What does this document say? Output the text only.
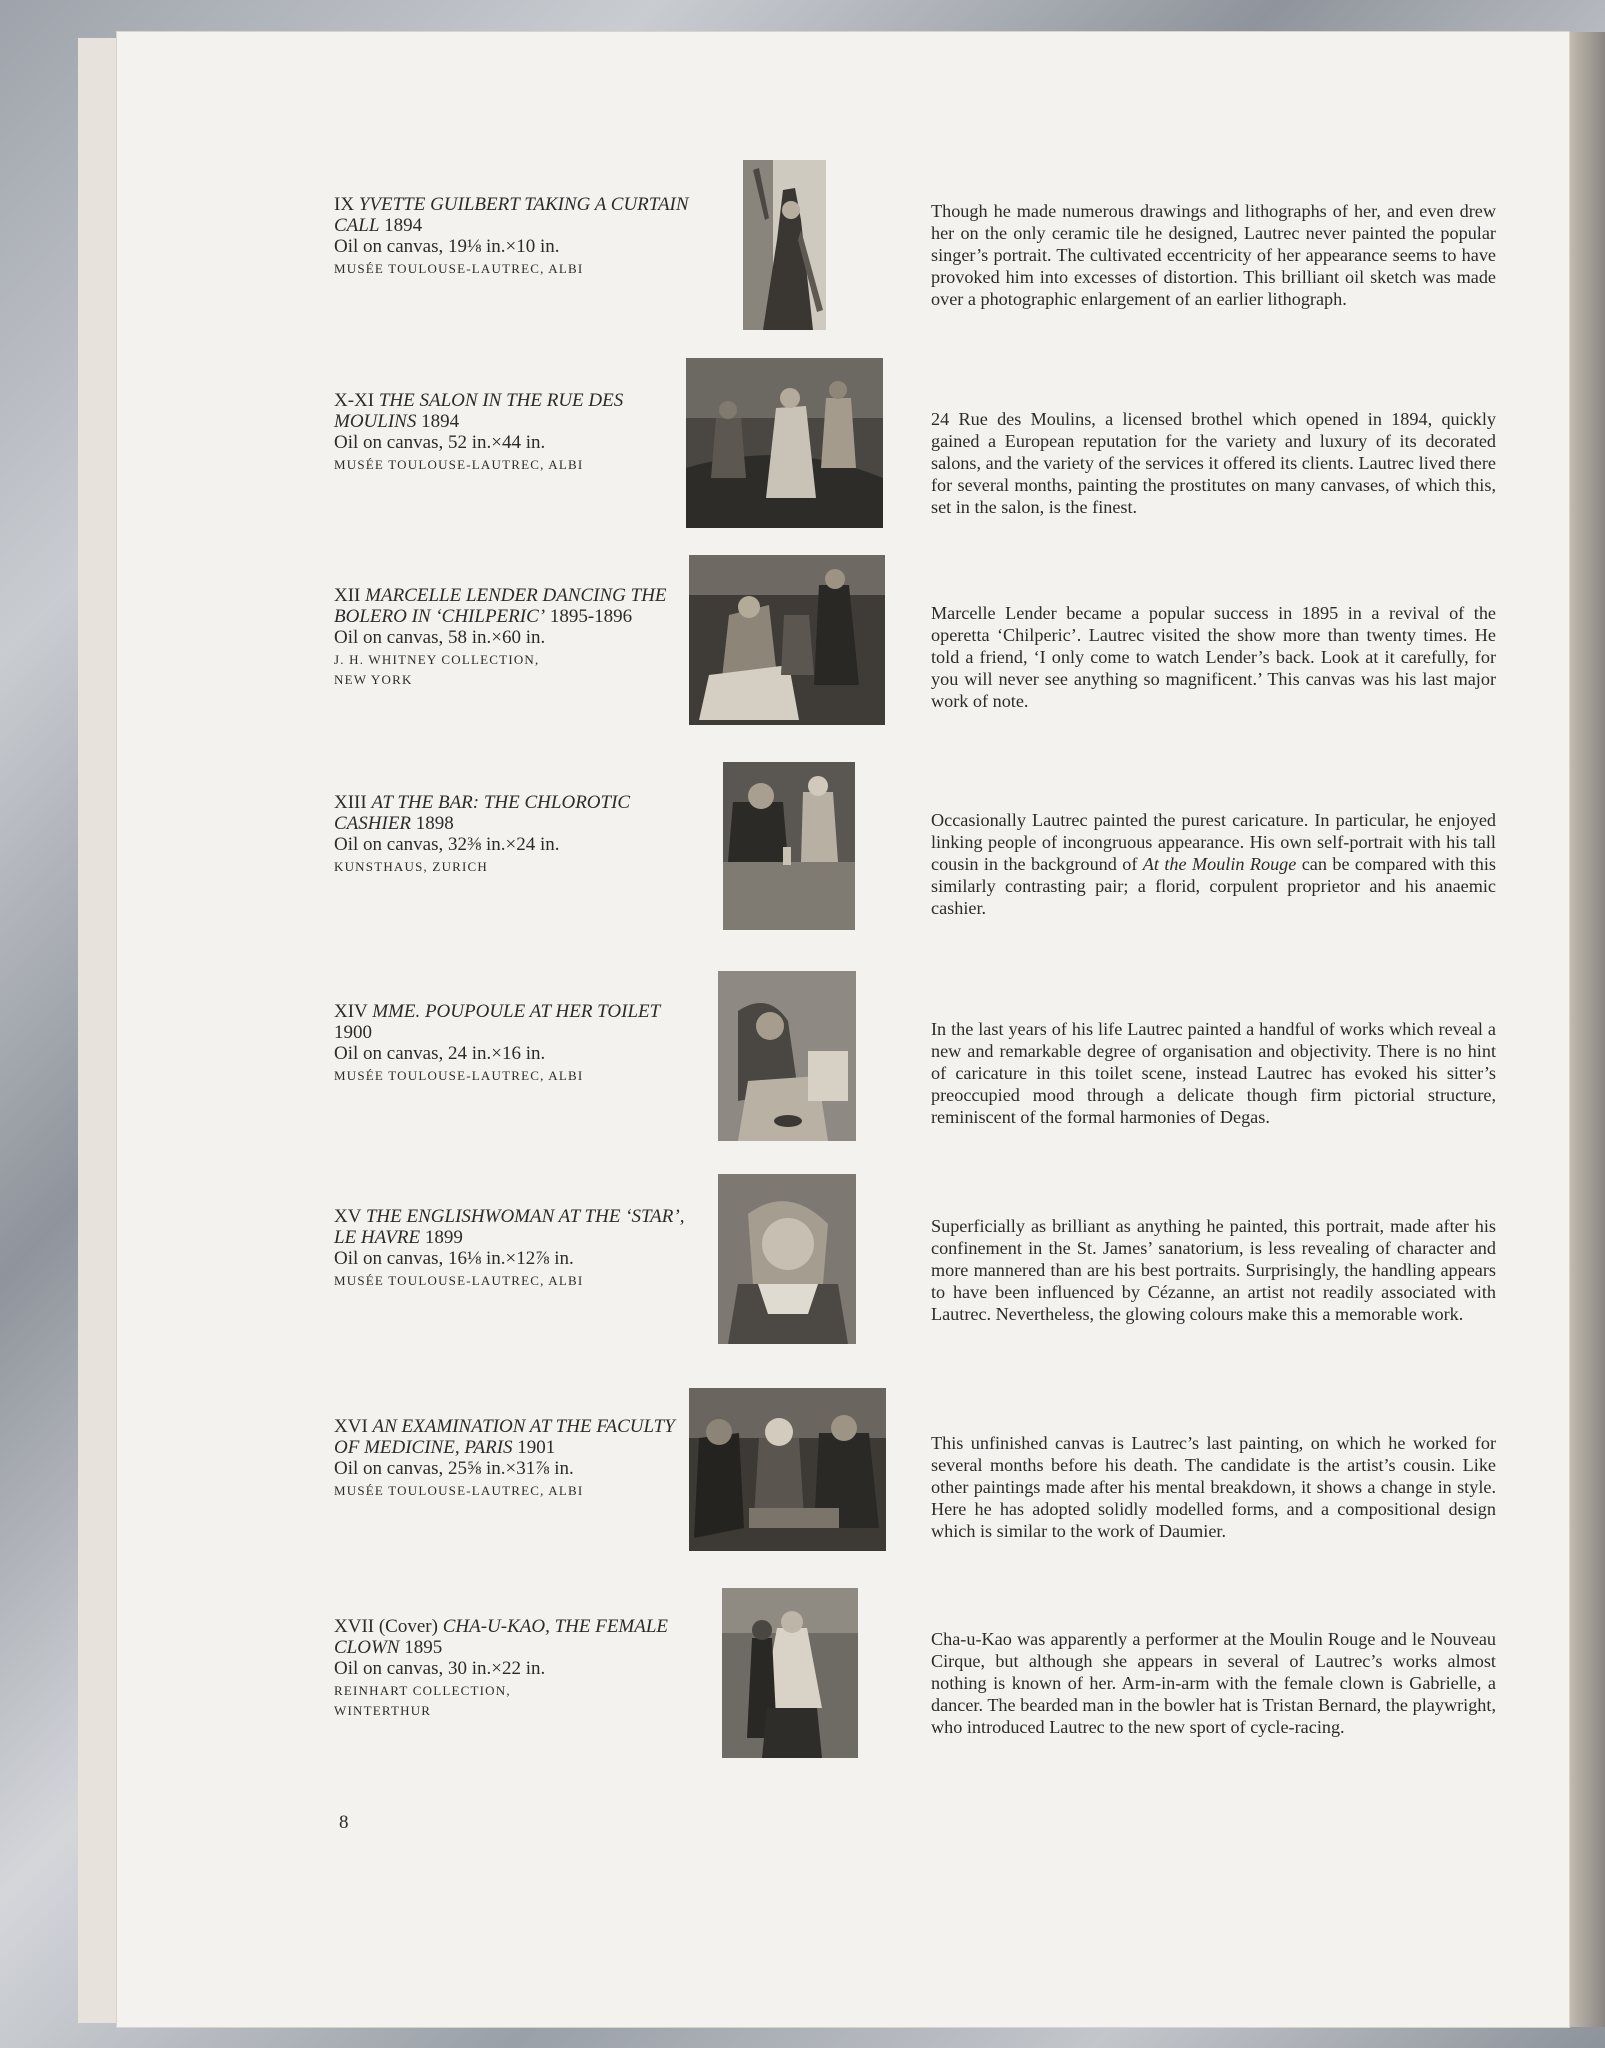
IX YVETTE GUILBERT TAKING A CURTAIN CALL 1894

Oil on canvas, 19⅛ in.×10 in.

MUSÉE TOULOUSE-LAUTREC, ALBI

Though he made numerous drawings and lithographs of her, and even drew her on the only ceramic tile he designed, Lautrec never painted the popular singer’s portrait. The cultivated eccentricity of her appearance seems to have provoked him into excesses of distortion. This brilliant oil sketch was made over a photographic enlargement of an earlier lithograph.

X-XI THE SALON IN THE RUE DES MOULINS 1894

Oil on canvas, 52 in.×44 in.

MUSÉE TOULOUSE-LAUTREC, ALBI

24 Rue des Moulins, a licensed brothel which opened in 1894, quickly gained a European reputation for the variety and luxury of its decorated salons, and the variety of the services it offered its clients. Lautrec lived there for several months, painting the prostitutes on many canvases, of which this, set in the salon, is the finest.

XII MARCELLE LENDER DANCING THE BOLERO IN ‘CHILPERIC’ 1895-1896

Oil on canvas, 58 in.×60 in.

J. H. WHITNEY COLLECTION,
NEW YORK

Marcelle Lender became a popular success in 1895 in a revival of the operetta ‘Chilperic’. Lautrec visited the show more than twenty times. He told a friend, ‘I only come to watch Lender’s back. Look at it carefully, for you will never see anything so magnificent.’ This canvas was his last major work of note.

XIII AT THE BAR: THE CHLOROTIC CASHIER 1898

Oil on canvas, 32⅜ in.×24 in.

KUNSTHAUS, ZURICH

Occasionally Lautrec painted the purest caricature. In particular, he enjoyed linking people of incongruous appearance. His own self-portrait with his tall cousin in the background of At the Moulin Rouge can be compared with this similarly contrasting pair; a florid, corpulent proprietor and his anaemic cashier.

XIV MME. POUPOULE AT HER TOILET 1900

Oil on canvas, 24 in.×16 in.

MUSÉE TOULOUSE-LAUTREC, ALBI

In the last years of his life Lautrec painted a handful of works which reveal a new and remarkable degree of organisation and objectivity. There is no hint of caricature in this toilet scene, instead Lautrec has evoked his sitter’s preoccupied mood through a delicate though firm pictorial structure, reminiscent of the formal harmonies of Degas.

XV THE ENGLISHWOMAN AT THE ‘STAR’, LE HAVRE 1899

Oil on canvas, 16⅛ in.×12⅞ in.

MUSÉE TOULOUSE-LAUTREC, ALBI

Superficially as brilliant as anything he painted, this portrait, made after his confinement in the St. James’ sanatorium, is less revealing of character and more mannered than are his best portraits. Surprisingly, the handling appears to have been influenced by Cézanne, an artist not readily associated with Lautrec. Nevertheless, the glowing colours make this a memorable work.

XVI AN EXAMINATION AT THE FACULTY OF MEDICINE, PARIS 1901

Oil on canvas, 25⅝ in.×31⅞ in.

MUSÉE TOULOUSE-LAUTREC, ALBI

This unfinished canvas is Lautrec’s last painting, on which he worked for several months before his death. The candidate is the artist’s cousin. Like other paintings made after his mental breakdown, it shows a change in style. Here he has adopted solidly modelled forms, and a compositional design which is similar to the work of Daumier.

XVII (Cover) CHA-U-KAO, THE FEMALE CLOWN 1895

Oil on canvas, 30 in.×22 in.

REINHART COLLECTION,
WINTERTHUR

Cha-u-Kao was apparently a performer at the Moulin Rouge and le Nouveau Cirque, but although she appears in several of Lautrec’s works almost nothing is known of her. Arm-in-arm with the female clown is Gabrielle, a dancer. The bearded man in the bowler hat is Tristan Bernard, the playwright, who introduced Lautrec to the new sport of cycle-racing.

8
